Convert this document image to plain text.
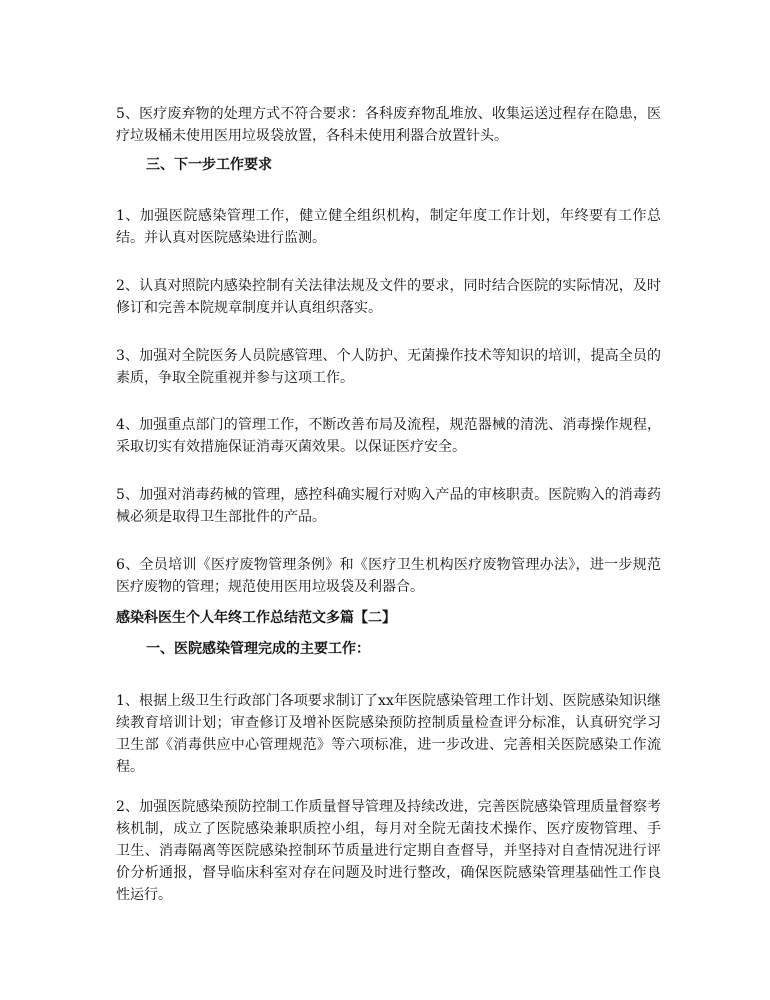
5、医疗废弃物的处理方式不符合要求：各科废弃物乱堆放、收集运送过程存在隐患，医疗垃圾桶未使用医用垃圾袋放置，各科未使用利器合放置针头。

三、下一步工作要求

1、加强医院感染管理工作，健立健全组织机构，制定年度工作计划，年终要有工作总结。并认真对医院感染进行监测。

2、认真对照院内感染控制有关法律法规及文件的要求，同时结合医院的实际情况，及时修订和完善本院规章制度并认真组织落实。

3、加强对全院医务人员院感管理、个人防护、无菌操作技术等知识的培训，提高全员的素质，争取全院重视并参与这项工作。

4、加强重点部门的管理工作，不断改善布局及流程，规范器械的清洗、消毒操作规程，采取切实有效措施保证消毒灭菌效果。以保证医疗安全。

5、加强对消毒药械的管理，感控科确实履行对购入产品的审核职责。医院购入的消毒药械必须是取得卫生部批件的产品。

6、全员培训《医疗废物管理条例》和《医疗卫生机构医疗废物管理办法》，进一步规范医疗废物的管理；规范使用医用垃圾袋及利器合。

感染科医生个人年终工作总结范文多篇【二】

一、医院感染管理完成的主要工作：

1、根据上级卫生行政部门各项要求制订了xx年医院感染管理工作计划、医院感染知识继续教育培训计划；审查修订及增补医院感染预防控制质量检查评分标准，认真研究学习卫生部《消毒供应中心管理规范》等六项标准，进一步改进、完善相关医院感染工作流程。

2、加强医院感染预防控制工作质量督导管理及持续改进，完善医院感染管理质量督察考核机制，成立了医院感染兼职质控小组，每月对全院无菌技术操作、医疗废物管理、手卫生、消毒隔离等医院感染控制环节质量进行定期自查督导，并坚持对自查情况进行评价分析通报，督导临床科室对存在问题及时进行整改，确保医院感染管理基础性工作良性运行。
